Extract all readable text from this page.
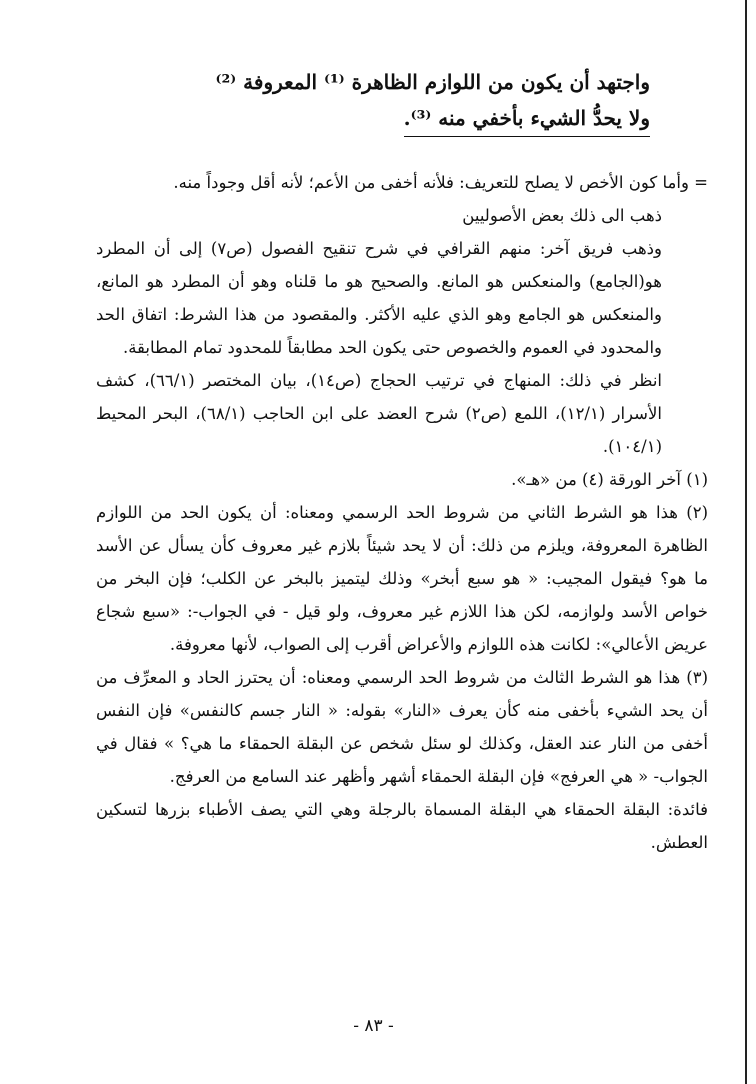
واجتهد أن يكون من اللوازم الظاهرة ⁽¹⁾ المعروفة ⁽²⁾
ولا يحدُّ الشيء بأخفي منه ⁽³⁾.
= وأما كون الأخص لا يصلح للتعريف: فلأنه أخفى من الأعم؛ لأنه أقل وجوداً منه.
ذهب الى ذلك بعض الأصوليين
وذهب فريق آخر: منهم القرافي في شرح تنقيح الفصول (ص٧) إلى أن المطرد هو(الجامع) والمنعكس هو المانع. والصحيح هو ما قلناه وهو أن المطرد هو المانع، والمنعكس هو الجامع وهو الذي عليه الأكثر. والمقصود من هذا الشرط: اتفاق الحد والمحدود في العموم والخصوص حتى يكون الحد مطابقاً للمحدود تمام المطابقة.
انظر في ذلك: المنهاج في ترتيب الحجاج (ص١٤)، بيان المختصر (٦٦/١)، كشف الأسرار (١٢/١)، اللمع (ص٢) شرح العضد على ابن الحاجب (٦٨/١)، البحر المحيط (١٠٤/١).
(١) آخر الورقة (٤) من «هـ».
(٢) هذا هو الشرط الثاني من شروط الحد الرسمي ومعناه: أن يكون الحد من اللوازم الظاهرة المعروفة، ويلزم من ذلك: أن لا يحد شيئاً بلازم غير معروف كأن يسأل عن الأسد ما هو؟ فيقول المجيب: « هو سبع أبخر» وذلك ليتميز بالبخر عن الكلب؛ فإن البخر من خواص الأسد ولوازمه، لكن هذا اللازم غير معروف، ولو قيل - في الجواب-: «سبع شجاع عريض الأعالي»: لكانت هذه اللوازم والأعراض أقرب إلى الصواب، لأنها معروفة.
(٣) هذا هو الشرط الثالث من شروط الحد الرسمي ومعناه: أن يحترز الحاد و المعرِّف من أن يحد الشيء بأخفى منه كأن يعرف «النار» بقوله: « النار جسم كالنفس» فإن النفس أخفى من النار عند العقل، وكذلك لو سئل شخص عن البقلة الحمقاء ما هي؟ » فقال في الجواب- « هي العرفج» فإن البقلة الحمقاء أشهر وأظهر عند السامع من العرفج.
فائدة: البقلة الحمقاء هي البقلة المسماة بالرجلة وهي التي يصف الأطباء بزرها لتسكين العطش.
- ٨٣ -
